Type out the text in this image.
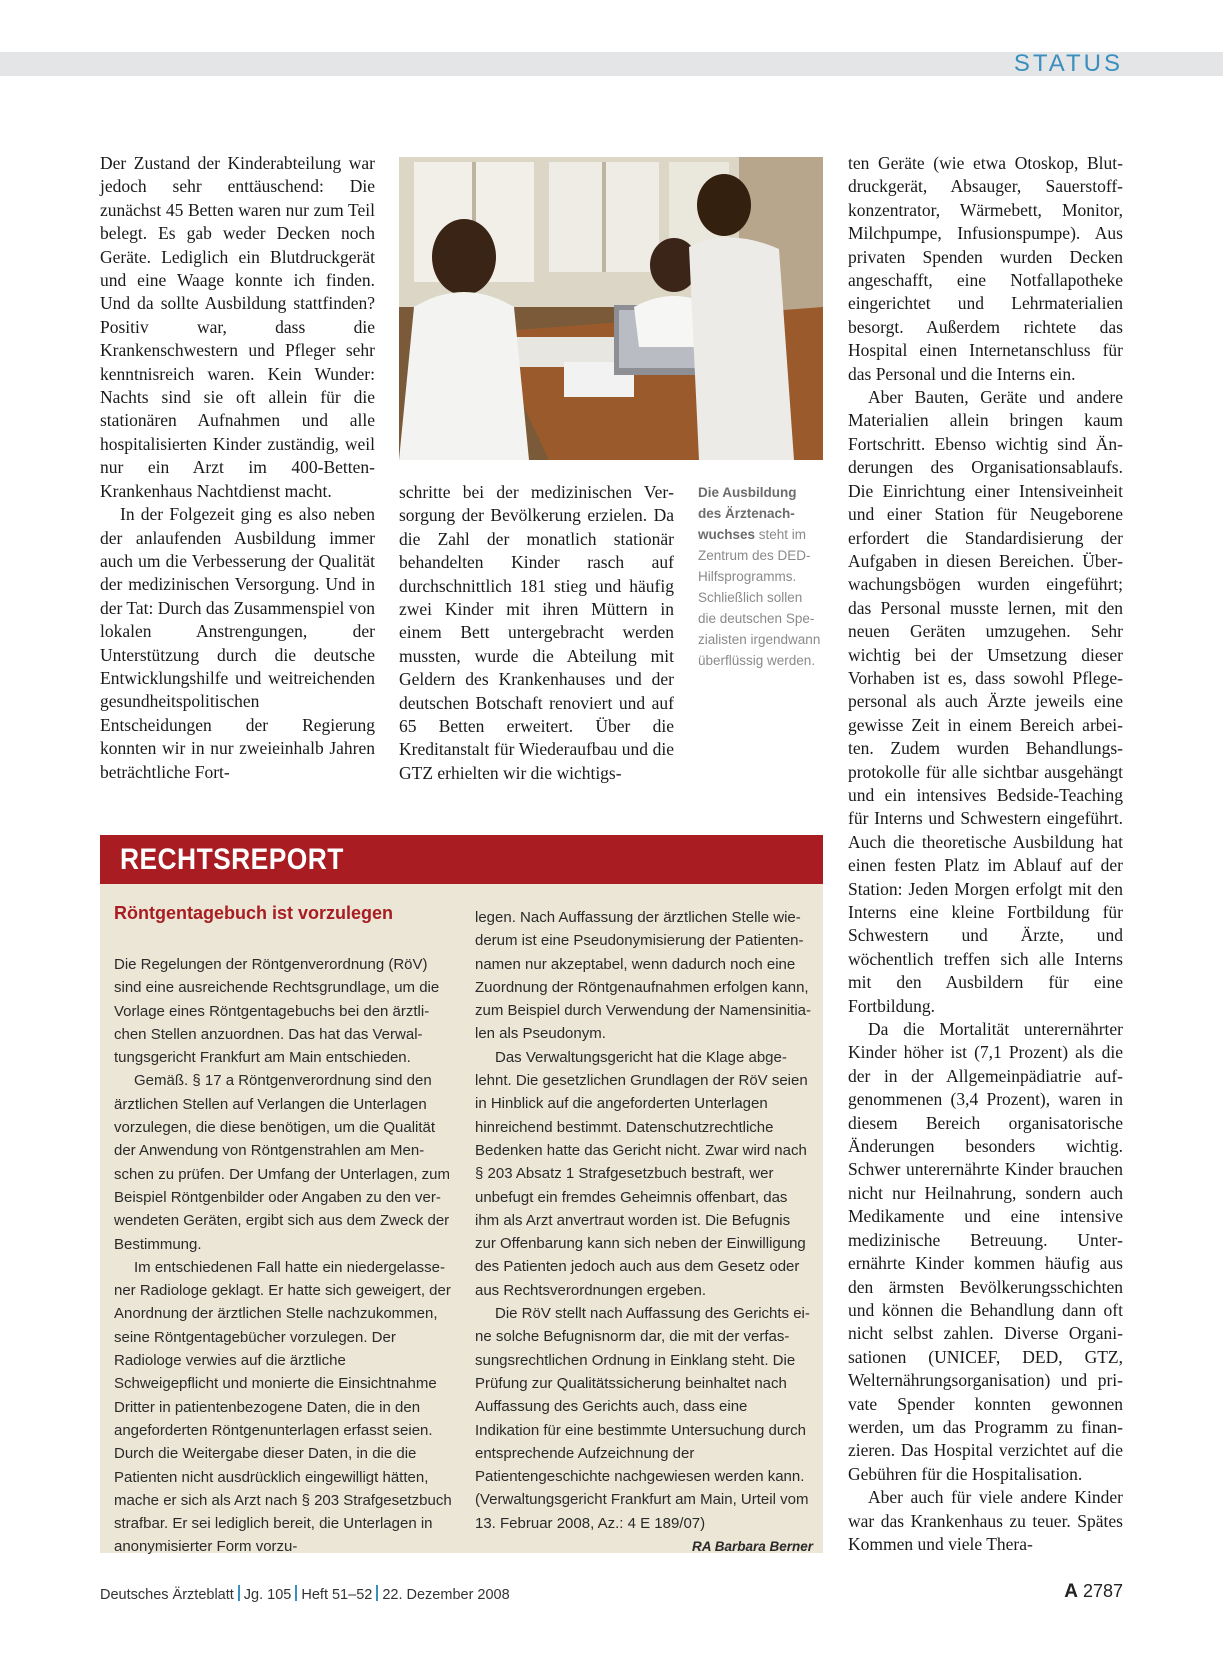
STATUS

Der Zustand der Kinderabteilung war jedoch sehr enttäuschend: Die zunächst 45 Betten waren nur zum Teil belegt. Es gab weder Decken noch Geräte. Lediglich ein Blutdruckgerät und eine Waage konnte ich finden. Und da sollte Ausbildung stattfinden? Positiv war, dass die Krankenschwestern und Pfleger sehr kenntnisreich waren. Kein Wunder: Nachts sind sie oft allein für die stationären Aufnahmen und alle hospitalisierten Kinder zuständig, weil nur ein Arzt im 400-Betten-Krankenhaus Nachtdienst macht.

In der Folgezeit ging es also neben der anlaufenden Ausbildung immer auch um die Verbesserung der Qualität der medizinischen Versorgung. Und in der Tat: Durch das Zusammenspiel von lokalen Anstrengungen, der Unterstützung durch die deutsche Entwicklungshilfe und weitreichenden gesundheitspolitischen Entscheidungen der Regierung konnten wir in nur zweieinhalb Jahren beträchtliche Fort-

schritte bei der medizinischen Versorgung der Bevölkerung erzielen. Da die Zahl der monatlich stationär behandelten Kinder rasch auf durchschnittlich 181 stieg und häufig zwei Kinder mit ihren Müttern in einem Bett untergebracht werden mussten, wurde die Abteilung mit Geldern des Krankenhauses und der deutschen Botschaft renoviert und auf 65 Betten erweitert. Über die Kreditanstalt für Wiederaufbau und die GTZ erhielten wir die wichtigs-

Die Ausbildung des Ärztenachwuchses steht im Zentrum des DED-Hilfsprogramms. Schließlich sollen die deutschen Spezialisten irgendwann überflüssig werden.

ten Geräte (wie etwa Otoskop, Blutdruckgerät, Absauger, Sauerstoffkonzentrator, Wärmebett, Monitor, Milchpumpe, Infusionspumpe). Aus privaten Spenden wurden Decken angeschafft, eine Notfallapotheke eingerichtet und Lehrmaterialien besorgt. Außerdem richtete das Hospital einen Internetanschluss für das Personal und die Interns ein.

Aber Bauten, Geräte und andere Materialien allein bringen kaum Fortschritt. Ebenso wichtig sind Änderungen des Organisationsablaufs. Die Einrichtung einer Intensiveinheit und einer Station für Neugeborene erfordert die Standardisierung der Aufgaben in diesen Bereichen. Überwachungsbögen wurden eingeführt; das Personal musste lernen, mit den neuen Geräten umzugehen. Sehr wichtig bei der Umsetzung dieser Vorhaben ist es, dass sowohl Pflegepersonal als auch Ärzte jeweils eine gewisse Zeit in einem Bereich arbeiten. Zudem wurden Behandlungsprotokolle für alle sichtbar ausgehängt und ein intensives Bedside-Teaching für Interns und Schwestern eingeführt. Auch die theoretische Ausbildung hat einen festen Platz im Ablauf auf der Station: Jeden Morgen erfolgt mit den Interns eine kleine Fortbildung für Schwestern und Ärzte, und wöchentlich treffen sich alle Interns mit den Ausbildern für eine Fortbildung.

Da die Mortalität unterernährter Kinder höher ist (7,1 Prozent) als die der in der Allgemeinpädiatrie aufgenommenen (3,4 Prozent), waren in diesem Bereich organisatorische Änderungen besonders wichtig. Schwer unterernährte Kinder brauchen nicht nur Heilnahrung, sondern auch Medikamente und eine intensive medizinische Betreuung. Unterernährte Kinder kommen häufig aus den ärmsten Bevölkerungsschichten und können die Behandlung dann oft nicht selbst zahlen. Diverse Organisationen (UNICEF, DED, GTZ, Welternährungsorganisation) und private Spender konnten gewonnen werden, um das Programm zu finanzieren. Das Hospital verzichtet auf die Gebühren für die Hospitalisation.

Aber auch für viele andere Kinder war das Krankenhaus zu teuer. Spätes Kommen und viele Thera-

RECHTSREPORT
Röntgentagebuch ist vorzulegen

Die Regelungen der Röntgenverordnung (RöV) sind eine ausreichende Rechtsgrundlage, um die Vorlage eines Röntgentagebuchs bei den ärztlichen Stellen anzuordnen. Das hat das Verwaltungsgericht Frankfurt am Main entschieden.

Gemäß. § 17 a Röntgenverordnung sind den ärztlichen Stellen auf Verlangen die Unterlagen vorzulegen, die diese benötigen, um die Qualität der Anwendung von Röntgenstrahlen am Menschen zu prüfen. Der Umfang der Unterlagen, zum Beispiel Röntgenbilder oder Angaben zu den verwendeten Geräten, ergibt sich aus dem Zweck der Bestimmung.

Im entschiedenen Fall hatte ein niedergelassener Radiologe geklagt. Er hatte sich geweigert, der Anordnung der ärztlichen Stelle nachzukommen, seine Röntgentagebücher vorzulegen. Der Radiologe verwies auf die ärztliche Schweigepflicht und monierte die Einsichtnahme Dritter in patientenbezogene Daten, die in den angeforderten Röntgenunterlagen erfasst seien. Durch die Weitergabe dieser Daten, in die die Patienten nicht ausdrücklich eingewilligt hätten, mache er sich als Arzt nach § 203 Strafgesetzbuch strafbar. Er sei lediglich bereit, die Unterlagen in anonymisierter Form vorzu-

legen. Nach Auffassung der ärztlichen Stelle wiederum ist eine Pseudonymisierung der Patientennamen nur akzeptabel, wenn dadurch noch eine Zuordnung der Röntgenaufnahmen erfolgen kann, zum Beispiel durch Verwendung der Namensinitialen als Pseudonym.

Das Verwaltungsgericht hat die Klage abgelehnt. Die gesetzlichen Grundlagen der RöV seien in Hinblick auf die angeforderten Unterlagen hinreichend bestimmt. Datenschutzrechtliche Bedenken hatte das Gericht nicht. Zwar wird nach § 203 Absatz 1 Strafgesetzbuch bestraft, wer unbefugt ein fremdes Geheimnis offenbart, das ihm als Arzt anvertraut worden ist. Die Befugnis zur Offenbarung kann sich neben der Einwilligung des Patienten jedoch auch aus dem Gesetz oder aus Rechtsverordnungen ergeben.

Die RöV stellt nach Auffassung des Gerichts eine solche Befugnisnorm dar, die mit der verfassungsrechtlichen Ordnung in Einklang steht. Die Prüfung zur Qualitätssicherung beinhaltet nach Auffassung des Gerichts auch, dass eine Indikation für eine bestimmte Untersuchung durch entsprechende Aufzeichnung der Patientengeschichte nachgewiesen werden kann. (Verwaltungsgericht Frankfurt am Main, Urteil vom 13. Februar 2008, Az.: 4 E 189/07)
RA Barbara Berner

Deutsches Ärzteblatt Jg. 105 Heft 51–52 22. Dezember 2008	A 2787
